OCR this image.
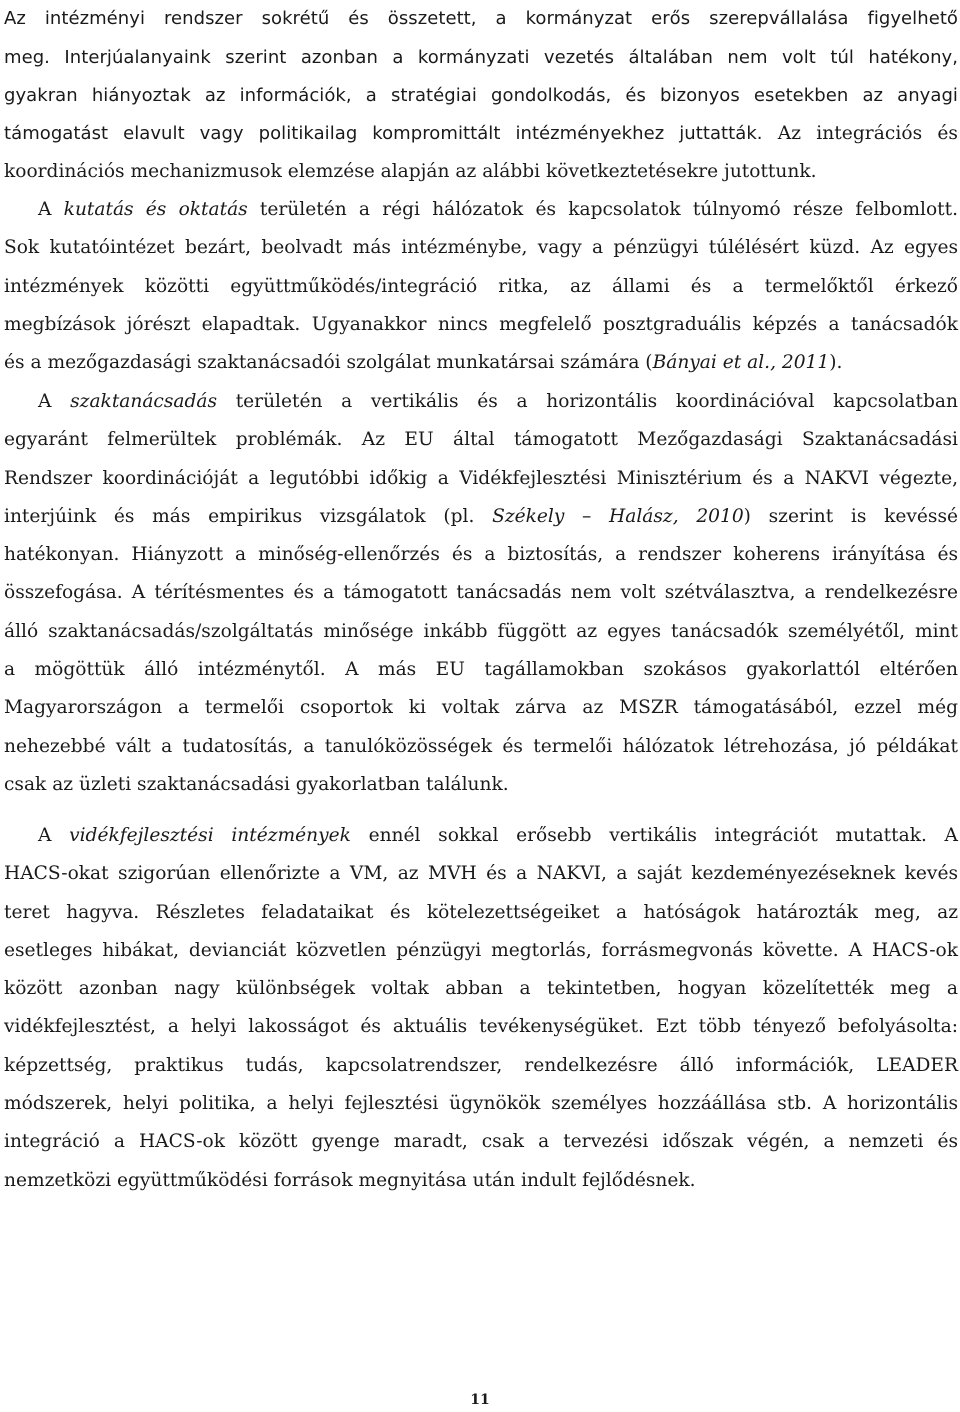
Az intézményi rendszer sokrétű és összetett, a kormányzat erős szerepvállalása figyelhető
meg. Interjúalanyaink szerint azonban a kormányzati vezetés általában nem volt túl hatékony,
gyakran hiányoztak az információk, a stratégiai gondolkodás, és bizonyos esetekben az anyagi
támogatást elavult vagy politikailag kompromittált intézményekhez juttatták. Az integrációs és

koordinációs mechanizmusok elemzése alapján az alábbi következtetésekre jutottunk.

A kutatás és oktatás területén a régi hálózatok és kapcsolatok túlnyomó része felbomlott.
Sok kutatóintézet bezárt, beolvadt más intézménybe, vagy a pénzügyi túlélésért küzd. Az egyes
intézmények közötti együttműködés/integráció ritka, az állami és a termelőktől érkező
megbízások jórészt elapadtak. Ugyanakkor nincs megfelelő posztgraduális képzés a tanácsadók
és a mezőgazdasági szaktanácsadói szolgálat munkatársai számára (Bányai et al., 2011).

A szaktanácsadás területén a vertikális és a horizontális koordinációval kapcsolatban
egyaránt felmerültek problémák. Az EU által támogatott Mezőgazdasági Szaktanácsadási
Rendszer koordinációját a legutóbbi időkig a Vidékfejlesztési Minisztérium és a NAKVI végezte,
interjúink és más empirikus vizsgálatok (pl. Székely – Halász, 2010) szerint is kevéssé
hatékonyan. Hiányzott a minőség-ellenőrzés és a biztosítás, a rendszer koherens irányítása és
összefogása. A térítésmentes és a támogatott tanácsadás nem volt szétválasztva, a rendelkezésre
álló szaktanácsadás/szolgáltatás minősége inkább függött az egyes tanácsadók személyétől, mint
a mögöttük álló intézménytől. A más EU tagállamokban szokásos gyakorlattól eltérően
Magyarországon a termelői csoportok ki voltak zárva az MSZR támogatásából, ezzel még
nehezebbé vált a tudatosítás, a tanulóközösségek és termelői hálózatok létrehozása, jó példákat
csak az üzleti szaktanácsadási gyakorlatban találunk.

A vidékfejlesztési intézmények ennél sokkal erősebb vertikális integrációt mutattak. A
HACS-okat szigorúan ellenőrizte a VM, az MVH és a NAKVI, a saját kezdeményezéseknek kevés
teret hagyva. Részletes feladataikat és kötelezettségeiket a hatóságok határozták meg, az
esetleges hibákat, devianciát közvetlen pénzügyi megtorlás, forrásmegvonás követte. A HACS-ok
között azonban nagy különbségek voltak abban a tekintetben, hogyan közelítették meg a
vidékfejlesztést, a helyi lakosságot és aktuális tevékenységüket. Ezt több tényező befolyásolta:
képzettség, praktikus tudás, kapcsolatrendszer, rendelkezésre álló információk, LEADER
módszerek, helyi politika, a helyi fejlesztési ügynökök személyes hozzáállása stb. A horizontális
integráció a HACS-ok között gyenge maradt, csak a tervezési időszak végén, a nemzeti és
nemzetközi együttműködési források megnyitása után indult fejlődésnek.

11
